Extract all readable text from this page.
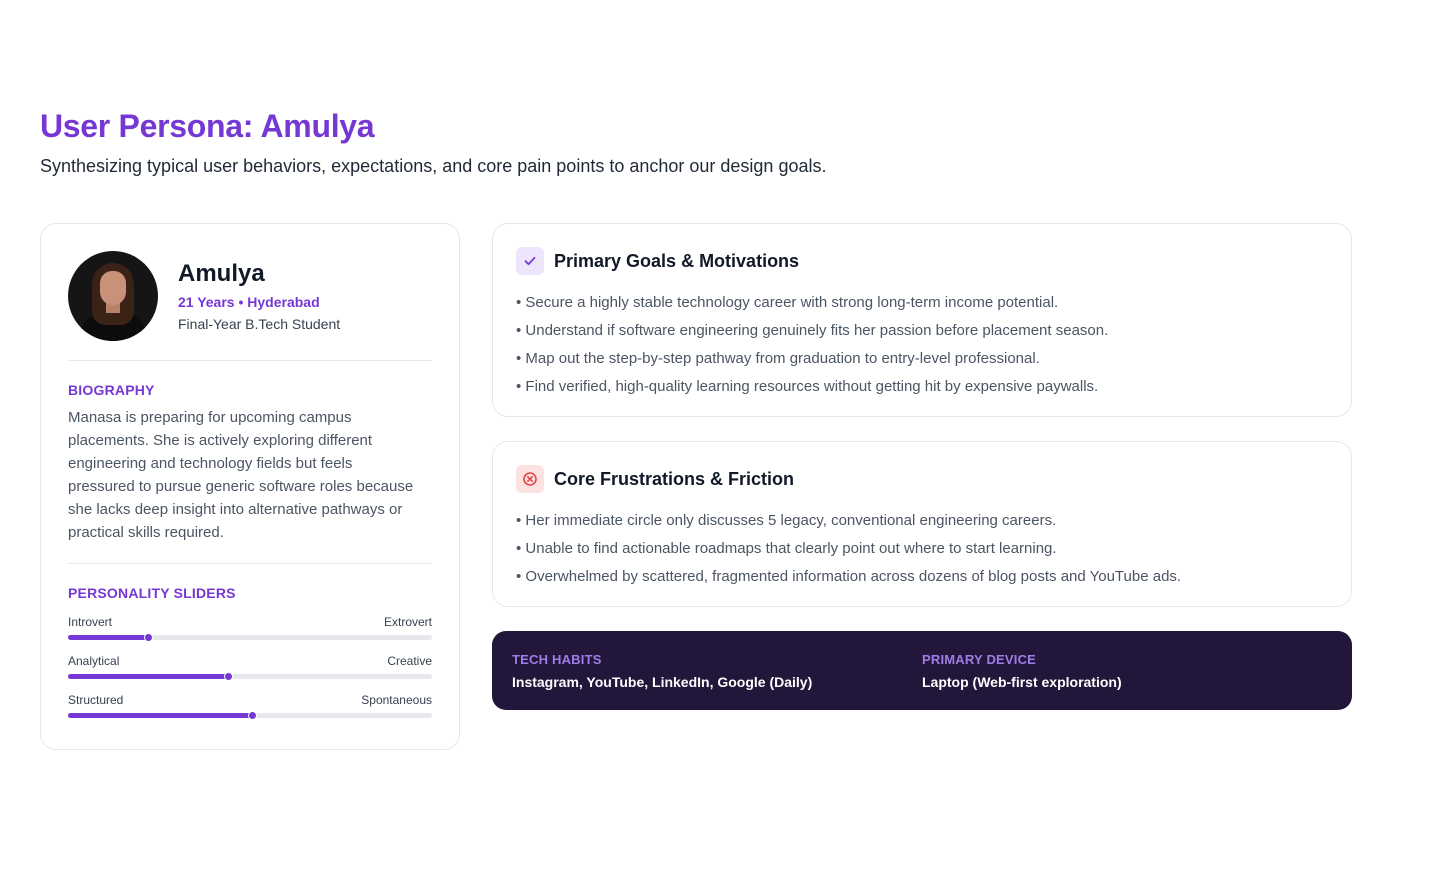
User Persona: Amulya

Synthesizing typical user behaviors, expectations, and core pain points to anchor our design goals.

Amulya
21 Years • Hyderabad
Final-Year B.Tech Student
BIOGRAPHY

Manasa is preparing for upcoming campus placements. She is actively exploring different engineering and technology fields but feels pressured to pursue generic software roles because she lacks deep insight into alternative pathways or practical skills required.

PERSONALITY SLIDERS
Introvert	Extrovert
Analytical	Creative
Structured	Spontaneous
Primary Goals & Motivations
• Secure a highly stable technology career with strong long-term income potential.
• Understand if software engineering genuinely fits her passion before placement season.
• Map out the step-by-step pathway from graduation to entry-level professional.
• Find verified, high-quality learning resources without getting hit by expensive paywalls.
Core Frustrations & Friction
• Her immediate circle only discusses 5 legacy, conventional engineering careers.
• Unable to find actionable roadmaps that clearly point out where to start learning.
• Overwhelmed by scattered, fragmented information across dozens of blog posts and YouTube ads.
TECH HABITS
Instagram, YouTube, LinkedIn, Google (Daily)
PRIMARY DEVICE
Laptop (Web-first exploration)
